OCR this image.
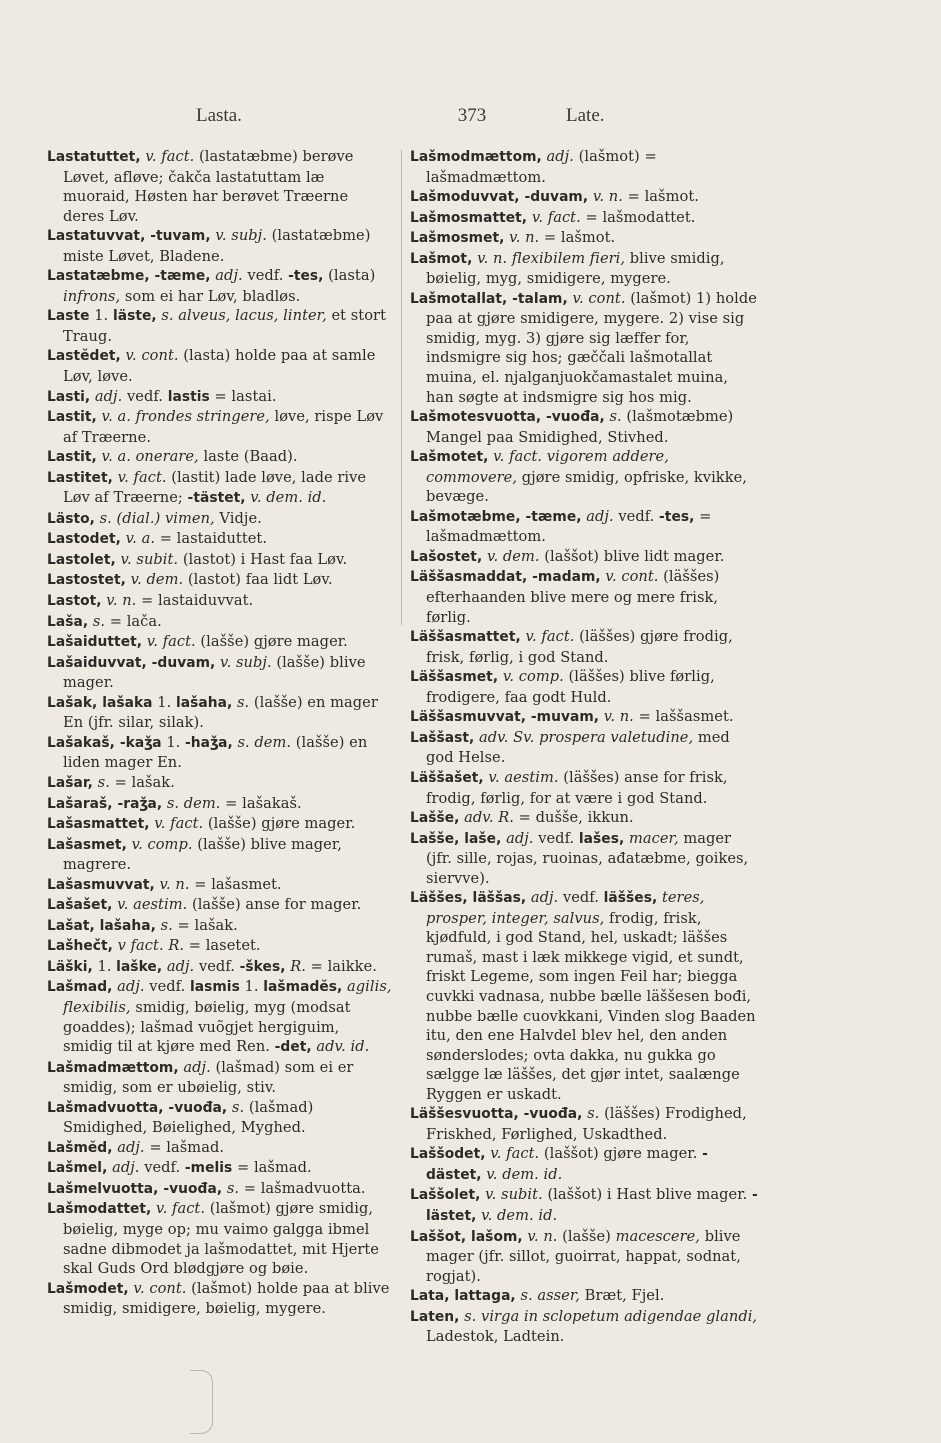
Lasta.	373	Late.

Lastatuttet, v. fact. (lastatæbme) berøve Løvet, afløve; čakča lastatuttam læ muoraid, Høsten har berøvet Træerne deres Løv.

Lastatuvvat, -tuvam, v. subj. (lastatæbme) miste Løvet, Bladene.

Lastatæbme, -tæme, adj. vedf. -tes, (lasta) infrons, som ei har Løv, bladløs.

Laste 1. läste, s. alveus, lacus, linter, et stort Traug.

Lastĕdet, v. cont. (lasta) holde paa at samle Løv, løve.

Lasti, adj. vedf. lastis = lastai.

Lastit, v. a. frondes stringere, løve, rispe Løv af Træerne.

Lastit, v. a. onerare, laste (Baad).

Lastitet, v. fact. (lastit) lade løve, lade rive Løv af Træerne; -tästet, v. dem. id.

Lästo, s. (dial.) vimen, Vidje.

Lastodet, v. a. = lastaiduttet.

Lastolet, v. subit. (lastot) i Hast faa Løv.

Lastostet, v. dem. (lastot) faa lidt Løv.

Lastot, v. n. = lastaiduvvat.

Laša, s. = lača.

Lašaiduttet, v. fact. (lašše) gjøre mager.

Lašaiduvvat, -duvam, v. subj. (lašše) blive mager.

Lašak, lašaka 1. lašaha, s. (lašše) en mager En (jfr. silar, silak).

Lašakaš, -kaǯa 1. -haǯa, s. dem. (lašše) en liden mager En.

Lašar, s. = lašak.

Lašaraš, -raǯa, s. dem. = lašakaš.

Lašasmattet, v. fact. (lašše) gjøre mager.

Lašasmet, v. comp. (lašše) blive mager, magrere.

Lašasmuvvat, v. n. = lašasmet.

Lašašet, v. aestim. (lašše) anse for mager.

Lašat, lašaha, s. = lašak.

Lašhečt, v fact. R. = lasetet.

Läški, 1. laške, adj. vedf. -škes, R. = laikke.

Lašmad, adj. vedf. lasmis 1. lašmadĕs, agilis, flexibilis, smidig, bøielig, myg (modsat goaddes); lašmad vuõgjet hergiguim, smidig til at kjøre med Ren. -det, adv. id.

Lašmadmættom, adj. (lašmad) som ei er smidig, som er ubøielig, stiv.

Lašmadvuotta, -vuođa, s. (lašmad) Smidighed, Bøielighed, Myghed.

Lašmĕd, adj. = lašmad.

Lašmel, adj. vedf. -melis = lašmad.

Lašmelvuotta, -vuođa, s. = lašmadvuotta.

Lašmodattet, v. fact. (lašmot) gjøre smidig, bøielig, myge op; mu vaimo galgga ibmel sadne dibmodet ja lašmodattet, mit Hjerte skal Guds Ord blødgjøre og bøie.

Lašmodet, v. cont. (lašmot) holde paa at blive smidig, smidigere, bøielig, mygere.

Lašmodmættom, adj. (lašmot) = lašmadmættom.

Lašmoduvvat, -duvam, v. n. = lašmot.

Lašmosmattet, v. fact. = lašmodattet.

Lašmosmet, v. n. = lašmot.

Lašmot, v. n. flexibilem fieri, blive smidig, bøielig, myg, smidigere, mygere.

Lašmotallat, -talam, v. cont. (lašmot) 1) holde paa at gjøre smidigere, mygere. 2) vise sig smidig, myg. 3) gjøre sig læffer for, indsmigre sig hos; gæččali lašmotallat muina, el. njalganjuokčamastalet muina, han søgte at indsmigre sig hos mig.

Lašmotesvuotta, -vuođa, s. (lašmotæbme) Mangel paa Smidighed, Stivhed.

Lašmotet, v. fact. vigorem addere, commovere, gjøre smidig, opfriske, kvikke, bevæge.

Lašmotæbme, -tæme, adj. vedf. -tes, = lašmadmættom.

Lašostet, v. dem. (laššot) blive lidt mager.

Läššasmaddat, -madam, v. cont. (läššes) efterhaanden blive mere og mere frisk, førlig.

Läššasmattet, v. fact. (läššes) gjøre frodig, frisk, førlig, i god Stand.

Läššasmet, v. comp. (läššes) blive førlig, frodigere, faa godt Huld.

Läššasmuvvat, -muvam, v. n. = laššasmet.

Laššast, adv. Sv. prospera valetudine, med god Helse.

Läššašet, v. aestim. (läššes) anse for frisk, frodig, førlig, for at være i god Stand.

Lašše, adv. R. = dušše, ikkun.

Lašše, laše, adj. vedf. lašes, macer, mager (jfr. sille, rojas, ruoinas, ađatæbme, goikes, siervve).

Läššes, läššas, adj. vedf. läššes, teres, prosper, integer, salvus, frodig, frisk, kjødfuld, i god Stand, hel, uskadt; läššes rumaš, mast i læk mikkege vigid, et sundt, friskt Legeme, som ingen Feil har; biegga cuvkki vadnasa, nubbe bælle läššesen bođi, nubbe bælle cuovkkani, Vinden slog Baaden itu, den ene Halvdel blev hel, den anden sønderslodes; ovta dakka, nu gukka go sælgge læ läššes, det gjør intet, saalænge Ryggen er uskadt.

Läššesvuotta, -vuođa, s. (läššes) Frodighed, Friskhed, Førlighed, Uskadthed.

Laššodet, v. fact. (laššot) gjøre mager. -dästet, v. dem. id.

Laššolet, v. subit. (laššot) i Hast blive mager. -lästet, v. dem. id.

Laššot, lašom, v. n. (lašše) macescere, blive mager (jfr. sillot, guoirrat, happat, sodnat, rogjat).

Lata, lattaga, s. asser, Bræt, Fjel.

Laten, s. virga in sclopetum adigendae glandi, Ladestok, Ladtein.
